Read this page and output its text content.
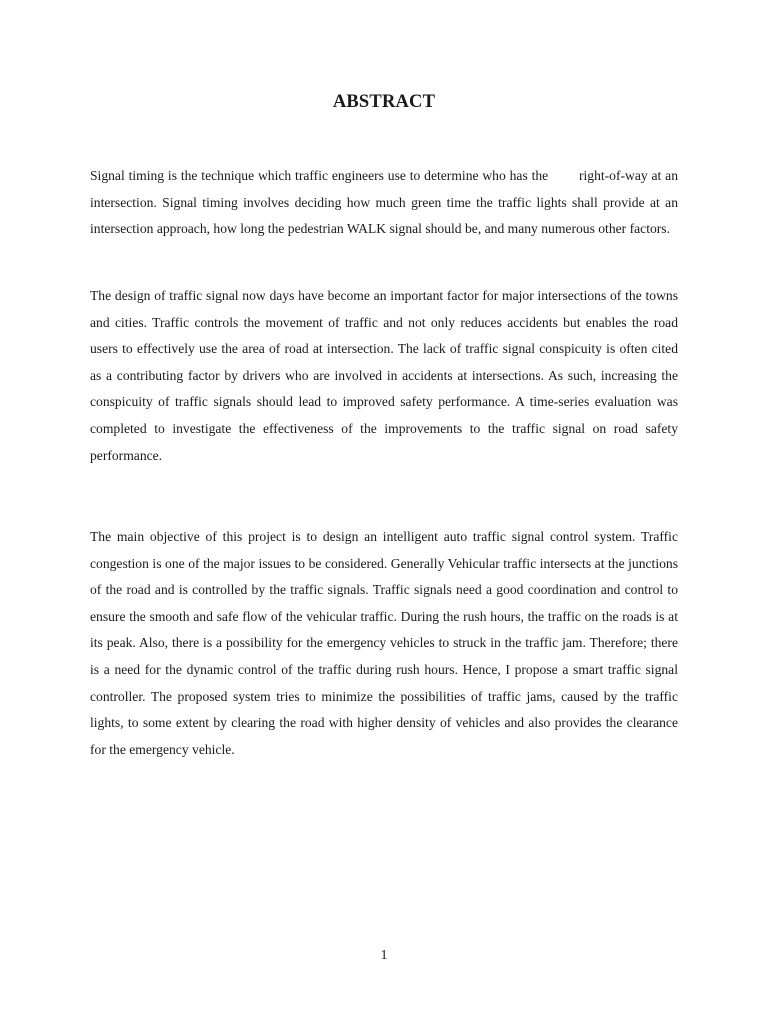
ABSTRACT

Signal timing is the technique which traffic engineers use to determine who has the        right-of-way at an intersection. Signal timing involves deciding how much green time the traffic lights shall provide at an intersection approach, how long the pedestrian WALK signal should be, and many numerous other factors.

The design of traffic signal now days have become an important factor for major intersections of the towns and cities. Traffic controls the movement of traffic and not only reduces accidents but enables the road users to effectively use the area of road at intersection. The lack of traffic signal conspicuity is often cited as a contributing factor by drivers who are involved in accidents at intersections. As such, increasing the conspicuity of traffic signals should lead to improved safety performance. A time-series evaluation was completed to investigate the effectiveness of the improvements to the traffic signal on road safety performance.

The main objective of this project is to design an intelligent auto traffic signal control system. Traffic congestion is one of the major issues to be considered. Generally Vehicular traffic intersects at the junctions of the road and is controlled by the traffic signals. Traffic signals need a good coordination and control to ensure the smooth and safe flow of the vehicular traffic. During the rush hours, the traffic on the roads is at its peak. Also, there is a possibility for the emergency vehicles to struck in the traffic jam. Therefore; there is a need for the dynamic control of the traffic during rush hours. Hence, I propose a smart traffic signal controller. The proposed system tries to minimize the possibilities of traffic jams, caused by the traffic lights, to some extent by clearing the road with higher density of vehicles and also provides the clearance for the emergency vehicle.

1
